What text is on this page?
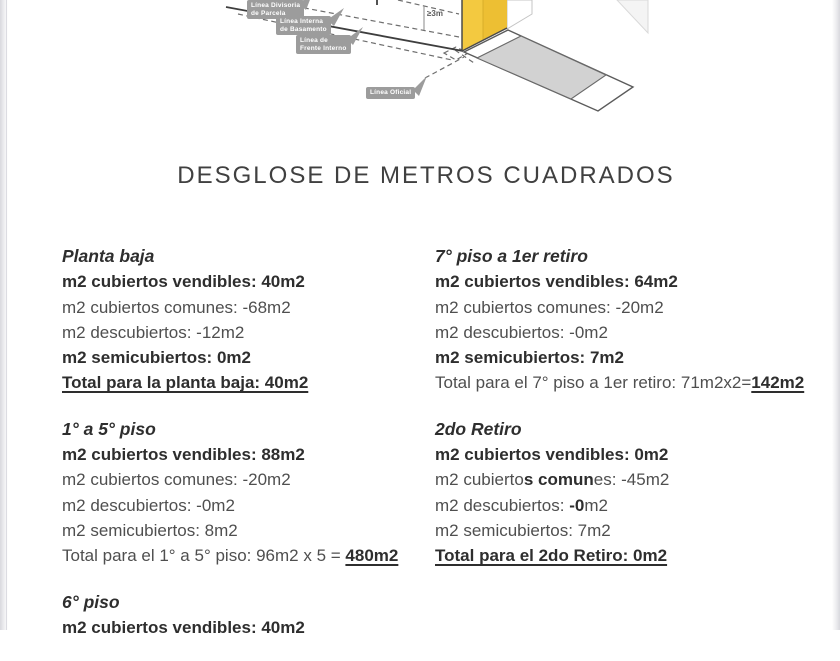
Línea Divisoria
de Parcela
Línea Interna
de Basamento
Línea de
Frente Interno
Línea Oficial
≥3m
DESGLOSE DE METROS CUADRADOS
Planta baja
m2 cubiertos vendibles: 40m2
m2 cubiertos comunes: -68m2
m2 descubiertos: -12m2
m2 semicubiertos: 0m2
Total para la planta baja: 40m2
1° a 5° piso
m2 cubiertos vendibles: 88m2
m2 cubiertos comunes: -20m2
m2 descubiertos: -0m2
m2 semicubiertos: 8m2
Total para el 1° a 5° piso: 96m2 x 5 = 480m2
6° piso
m2 cubiertos vendibles: 40m2
7° piso a 1er retiro
m2 cubiertos vendibles: 64m2
m2 cubiertos comunes: -20m2
m2 descubiertos: -0m2
m2 semicubiertos: 7m2
Total para el 7° piso a 1er retiro: 71m2x2=142m2
2do Retiro
m2 cubiertos vendibles: 0m2
m2 cubiertos comunes: -45m2
m2 descubiertos: -0m2
m2 semicubiertos: 7m2
Total para el 2do Retiro: 0m2
